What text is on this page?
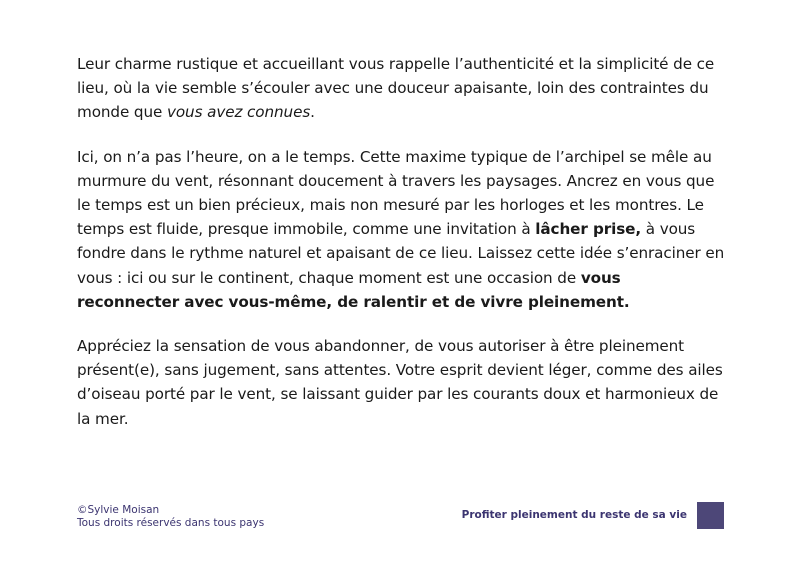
Leur charme rustique et accueillant vous rappelle l’authenticité et la simplicité de ce lieu, où la vie semble s’écouler avec une douceur apaisante, loin des contraintes du monde que vous avez connues.

Ici, on n’a pas l’heure, on a le temps. Cette maxime typique de l’archipel se mêle au murmure du vent, résonnant doucement à travers les paysages. Ancrez en vous que le temps est un bien précieux, mais non mesuré par les horloges et les montres. Le temps est fluide, presque immobile, comme une invitation à lâcher prise, à vous fondre dans le rythme naturel et apaisant de ce lieu. Laissez cette idée s’enraciner en vous : ici ou sur le continent, chaque moment est une occasion de vous reconnecter avec vous-même, de ralentir et de vivre pleinement.

Appréciez la sensation de vous abandonner, de vous autoriser à être pleinement présent(e), sans jugement, sans attentes. Votre esprit devient léger, comme des ailes d’oiseau porté par le vent, se laissant guider par les courants doux et harmonieux de la mer.

©Sylvie Moisan
Tous droits réservés dans tous pays
Profiter pleinement du reste de sa vie
